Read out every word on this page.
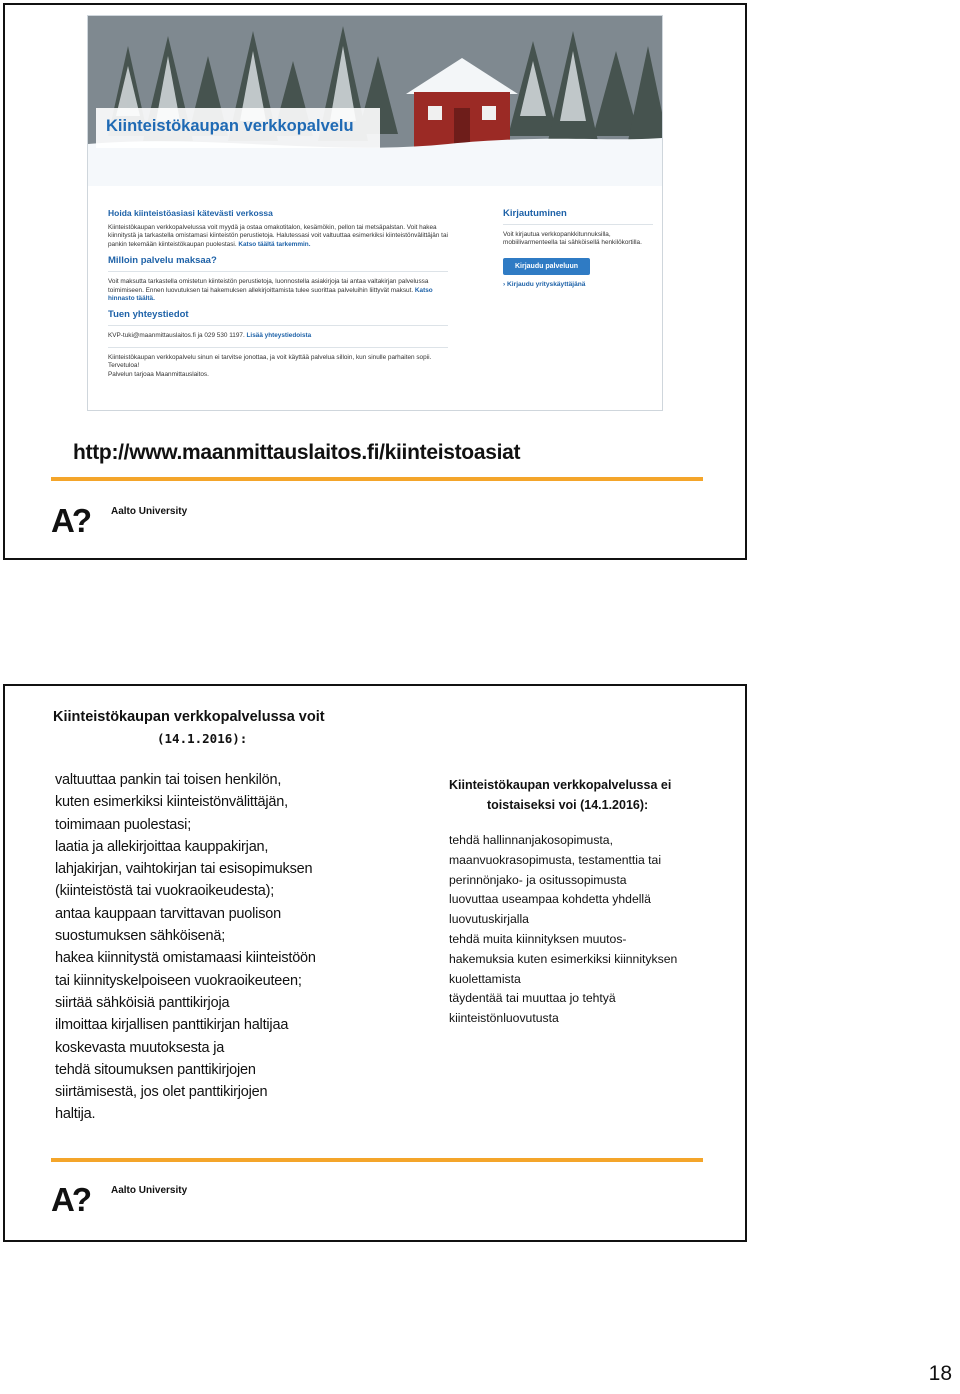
Kiinteistökaupan verkkopalvelu
Hoida kiinteistöasiasi kätevästi verkossa
Kiinteistökaupan verkkopalvelussa voit myydä ja ostaa omakotitalon, kesämökin, pellon tai metsäpalstan. Voit hakea kiinnitystä ja tarkastella omistamasi kiinteistön perustietoja. Halutessasi voit valtuuttaa esimerkiksi kiinteistönvälittäjän tai pankin tekemään kiinteistökaupan puolestasi. Katso täältä tarkemmin.
Milloin palvelu maksaa?
Voit maksutta tarkastella omistetun kiinteistön perustietoja, luonnostella asiakirjoja tai antaa valtakirjan palvelussa toimimiseen. Ennen luovutuksen tai hakemuksen allekirjoittamista tulee suorittaa palveluihin liittyvät maksut. Katso hinnasto täältä.
Tuen yhteystiedot
KVP-tuki@maanmittauslaitos.fi ja 029 530 1197. Lisää yhteystiedoista
Kiinteistökaupan verkkopalvelu sinun ei tarvitse jonottaa, ja voit käyttää palvelua silloin, kun sinulle parhaiten sopii. Tervetuloa!
Palvelun tarjoaa Maanmittauslaitos.
Kirjautuminen
Voit kirjautua verkkopankkitunnuksilla, mobiilivarmenteella tai sähköisellä henkilökortilla.
Kirjaudu palveluun
› Kirjaudu yrityskäyttäjänä
http://www.maanmittauslaitos.fi/kiinteistoasiat
A? Aalto University
Kiinteistökaupan verkkopalvelussa voit
(14.1.2016):
valtuuttaa pankin tai toisen henkilön,
kuten esimerkiksi kiinteistönvälittäjän,
toimimaan puolestasi;
laatia ja allekirjoittaa kauppakirjan,
lahjakirjan, vaihtokirjan tai esisopimuksen
(kiinteistöstä tai vuokraoikeudesta);
antaa kauppaan tarvittavan puolison
suostumuksen sähköisenä;
hakea kiinnitystä omistamaasi kiinteistöön
tai kiinnityskelpoiseen vuokraoikeuteen;
siirtää sähköisiä panttikirjoja
ilmoittaa kirjallisen panttikirjan haltijaa
koskevasta muutoksesta ja
tehdä sitoumuksen panttikirjojen
siirtämisestä, jos olet panttikirjojen
haltija.
Kiinteistökaupan verkkopalvelussa ei
toistaiseksi voi (14.1.2016):
tehdä hallinnanjakosopimusta,
maanvuokrasopimusta, testamenttia tai
perinnönjako- ja ositussopimusta
luovuttaa useampaa kohdetta yhdellä
luovutuskirjalla
tehdä muita kiinnityksen muutos-
hakemuksia kuten esimerkiksi kiinnityksen
kuolettamista
täydentää tai muuttaa jo tehtyä
kiinteistönluovutusta
A? Aalto University
18
